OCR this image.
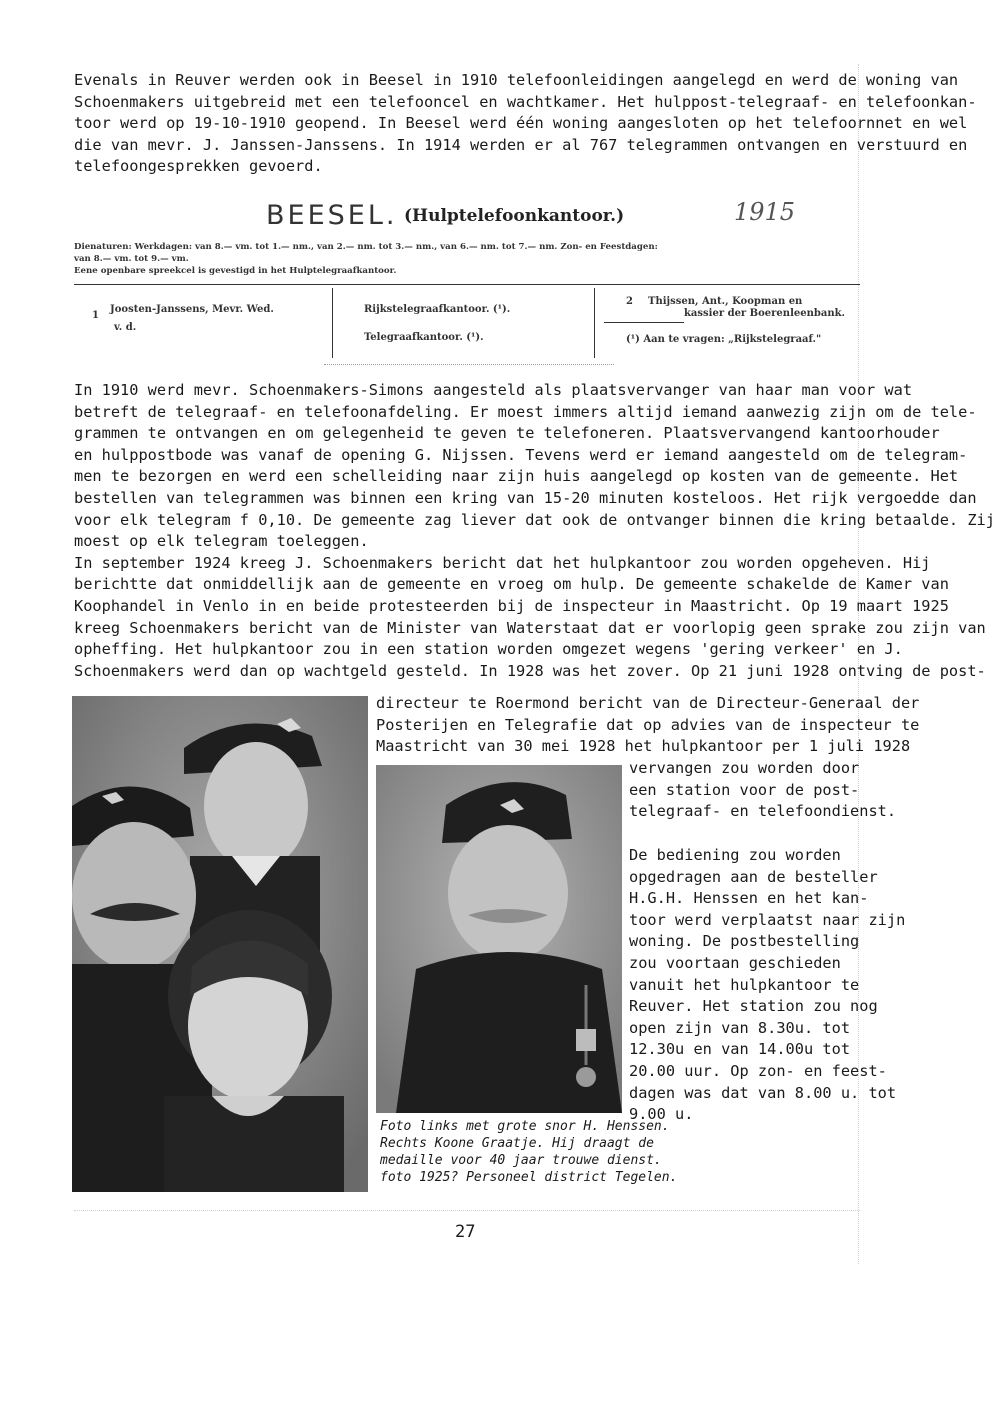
Evenals in Reuver werden ook in Beesel in 1910 telefoonleidingen aangelegd en werd de woning van
Schoenmakers uitgebreid met een telefooncel en wachtkamer. Het hulppost-telegraaf- en telefoonkan-
toor werd op 19-10-1910 geopend. In Beesel werd één woning aangesloten op het telefoornnet en wel
die van mevr. J. Janssen-Janssens. In 1914 werden er al 767 telegrammen ontvangen en verstuurd en
telefoongesprekken gevoerd.
BEESEL. (Hulptelefoonkantoor.)	1915
Dienaturen: Werkdagen: van 8.— vm. tot 1.— nm., van 2.— nm. tot 3.— nm., van 6.— nm. tot 7.— nm. Zon- en Feestdagen:
van 8.— vm. tot 9.— vm.
Eene openbare spreekcel is gevestigd in het Hulptelegraafkantoor.
1
Joosten-Janssens, Mevr. Wed.
v. d.
Rijkstelegraafkantoor. (¹).
Telegraafkantoor. (¹).
2 Thijssen, Ant., Koopman en
kassier der Boerenleenbank.
(¹) Aan te vragen: „Rijkstelegraaf."
In 1910 werd mevr. Schoenmakers-Simons aangesteld als plaatsvervanger van haar man voor wat
betreft de telegraaf- en telefoonafdeling. Er moest immers altijd iemand aanwezig zijn om de tele-
grammen te ontvangen en om gelegenheid te geven te telefoneren. Plaatsvervangend kantoorhouder
en hulppostbode was vanaf de opening G. Nijssen. Tevens werd er iemand aangesteld om de telegram-
men te bezorgen en werd een schelleiding naar zijn huis aangelegd op kosten van de gemeente. Het
bestellen van telegrammen was binnen een kring van 15-20 minuten kosteloos. Het rijk vergoedde dan
voor elk telegram f 0,10. De gemeente zag liever dat ook de ontvanger binnen die kring betaalde. Zij
moest op elk telegram toeleggen.
In september 1924 kreeg J. Schoenmakers bericht dat het hulpkantoor zou worden opgeheven. Hij
berichtte dat onmiddellijk aan de gemeente en vroeg om hulp. De gemeente schakelde de Kamer van
Koophandel in Venlo in en beide protesteerden bij de inspecteur in Maastricht. Op 19 maart 1925
kreeg Schoenmakers bericht van de Minister van Waterstaat dat er voorlopig geen sprake zou zijn van
opheffing. Het hulpkantoor zou in een station worden omgezet wegens 'gering verkeer' en J.
Schoenmakers werd dan op wachtgeld gesteld. In 1928 was het zover. Op 21 juni 1928 ontving de post-
directeur te Roermond bericht van de Directeur-Generaal der
Posterijen en Telegrafie dat op advies van de inspecteur te
Maastricht van 30 mei 1928 het hulpkantoor per 1 juli 1928
vervangen zou worden door
een station voor de post-
telegraaf- en telefoondienst.
De bediening zou worden
opgedragen aan de besteller
H.G.H. Henssen en het kan-
toor werd verplaatst naar zijn
woning. De postbestelling
zou voortaan geschieden
vanuit het hulpkantoor te
Reuver. Het station zou nog
open zijn van 8.30u. tot
12.30u en van 14.00u tot
20.00 uur. Op zon- en feest-
dagen was dat van 8.00 u. tot
9.00 u.
Foto links met grote snor H. Henssen.
Rechts Koone Graatje. Hij draagt de
medaille voor 40 jaar trouwe dienst.
foto 1925? Personeel district Tegelen.
27
